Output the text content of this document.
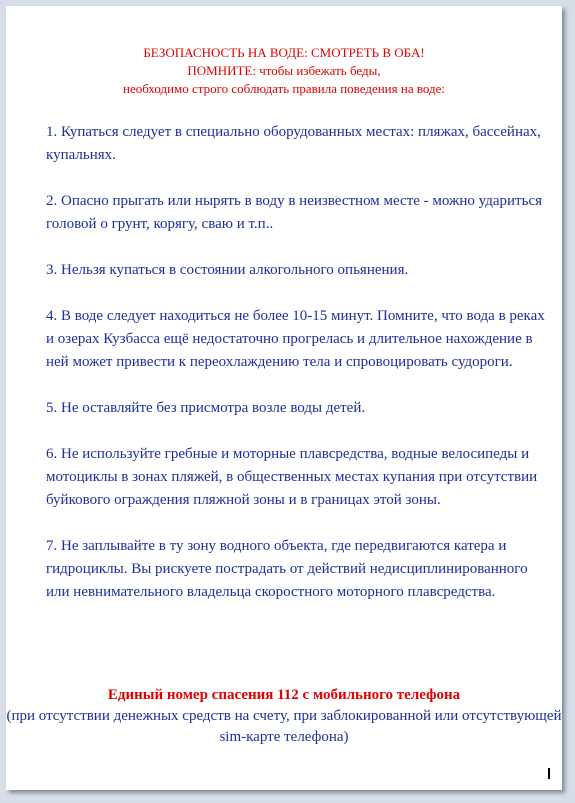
БЕЗОПАСНОСТЬ НА ВОДЕ: СМОТРЕТЬ В ОБА!
ПОМНИТЕ: чтобы избежать беды,
необходимо строго соблюдать правила поведения на воде:

1. Купаться следует в специально оборудованных местах: пляжах, бассейнах, купальнях.

2. Опасно прыгать или нырять в воду в неизвестном месте - можно удариться головой о грунт, корягу, сваю и т.п..

3. Нельзя купаться в состоянии алкогольного опьянения.

4. В воде следует находиться не более 10-15 минут. Помните, что вода в реках и озерах Кузбасса ещё недостаточно прогрелась и длительное нахождение в ней может привести к переохлаждению тела и спровоцировать судороги.

5. Не оставляйте без присмотра возле воды детей.

6. Не используйте гребные и моторные плавсредства, водные велосипеды и мотоциклы в зонах пляжей, в общественных местах купания при отсутствии буйкового ограждения пляжной зоны и в границах этой зоны.

7. Не заплывайте в ту зону водного объекта, где передвигаются катера и гидроциклы. Вы рискуете пострадать от действий недисциплинированного или невнимательного владельца скоростного моторного плавсредства.

Единый номер спасения 112 с мобильного телефона
(при отсутствии денежных средств на счету, при заблокированной или отсутствующей sim-карте телефона)
